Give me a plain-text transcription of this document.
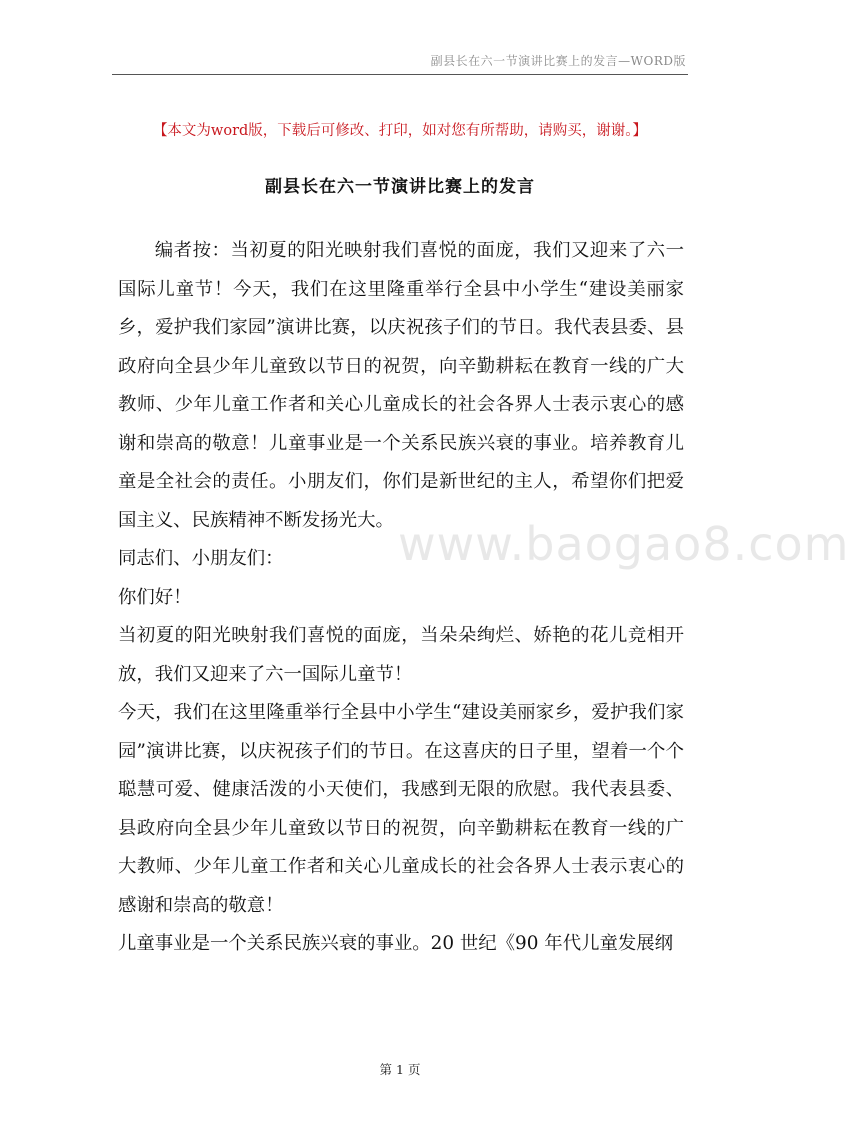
副县长在六一节演讲比赛上的发言—WORD版
【本文为word版，下载后可修改、打印，如对您有所帮助，请购买，谢谢。】
副县长在六一节演讲比赛上的发言

编者按：当初夏的阳光映射我们喜悦的面庞，我们又迎来了六一国际儿童节！今天，我们在这里隆重举行全县中小学生“建设美丽家乡，爱护我们家园”演讲比赛，以庆祝孩子们的节日。我代表县委、县政府向全县少年儿童致以节日的祝贺，向辛勤耕耘在教育一线的广大教师、少年儿童工作者和关心儿童成长的社会各界人士表示衷心的感谢和崇高的敬意！儿童事业是一个关系民族兴衰的事业。培养教育儿童是全社会的责任。小朋友们，你们是新世纪的主人，希望你们把爱国主义、民族精神不断发扬光大。

同志们、小朋友们：

你们好！

当初夏的阳光映射我们喜悦的面庞，当朵朵绚烂、娇艳的花儿竞相开放，我们又迎来了六一国际儿童节！

今天，我们在这里隆重举行全县中小学生“建设美丽家乡，爱护我们家园”演讲比赛，以庆祝孩子们的节日。在这喜庆的日子里，望着一个个聪慧可爱、健康活泼的小天使们，我感到无限的欣慰。我代表县委、县政府向全县少年儿童致以节日的祝贺，向辛勤耕耘在教育一线的广大教师、少年儿童工作者和关心儿童成长的社会各界人士表示衷心的感谢和崇高的敬意！

儿童事业是一个关系民族兴衰的事业。20 世纪《90 年代儿童发展纲

www.baogao8.com
第 1 页
